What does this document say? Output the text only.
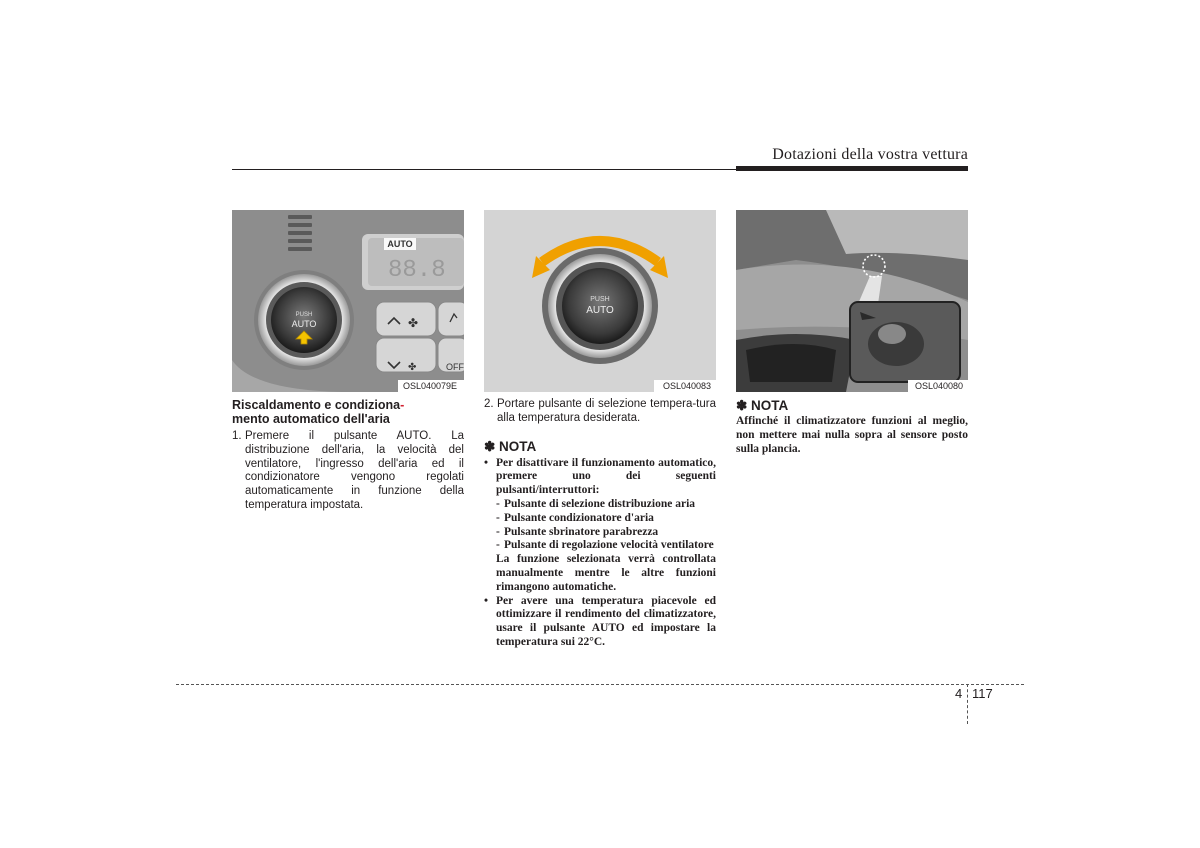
Dotazioni della vostra vettura
AUTO
88.8
✤
✤	OFF
PUSH
AUTO
OSL040079E
PUSH
AUTO
OSL040083	OSL040080
Riscaldamento e condiziona-
mento automatico dell'aria
1. Premere il pulsante AUTO. La distribuzione dell'aria, la velocità del ventilatore, l'ingresso dell'aria ed il condizionatore vengono regolati automaticamente in funzione della temperatura impostata.
2. Portare pulsante di selezione tempera-tura alla temperatura desiderata.
✽ NOTA
• Per disattivare il funzionamento automatico, premere uno dei seguenti pulsanti/interruttori:
- Pulsante di selezione distribuzione aria
- Pulsante condizionatore d'aria
- Pulsante sbrinatore parabrezza
- Pulsante di regolazione velocità ventilatore
La funzione selezionata verrà controllata manualmente mentre le altre funzioni rimangono automatiche.
• Per avere una temperatura piacevole ed ottimizzare il rendimento del climatizzatore, usare il pulsante AUTO ed impostare la temperatura sui 22°C.
✽ NOTA
Affinché il climatizzatore funzioni al meglio, non mettere mai nulla sopra al sensore posto sulla plancia.
4 117
